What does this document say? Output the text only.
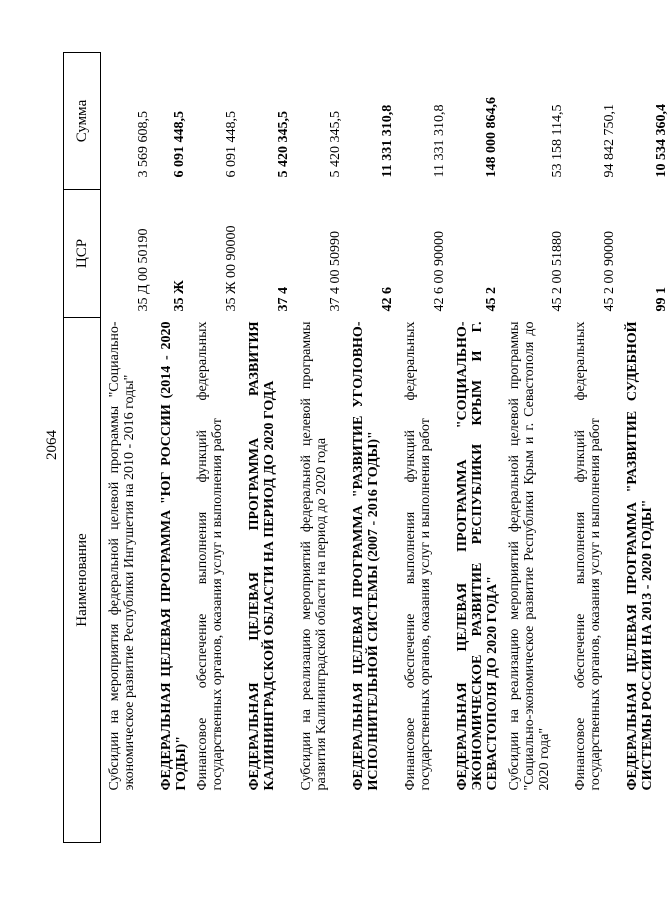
2064
Наименование	ЦСР	Сумма

Субсидии на мероприятия федеральной целевой программы "Социально-экономическое развитие Республики Ингушетия на 2010 - 2016 годы"	35 Д 00 50190	3 569 608,5

ФЕДЕРАЛЬНАЯ ЦЕЛЕВАЯ ПРОГРАММА "ЮГ РОССИИ (2014 - 2020 ГОДЫ)"	35 Ж	6 091 448,5

Финансовое обеспечение выполнения функций федеральных государственных органов, оказания услуг и выполнения работ	35 Ж 00 90000	6 091 448,5

ФЕДЕРАЛЬНАЯ ЦЕЛЕВАЯ ПРОГРАММА РАЗВИТИЯ КАЛИНИНГРАДСКОЙ ОБЛАСТИ НА ПЕРИОД ДО 2020 ГОДА	37 4	5 420 345,5

Субсидии на реализацию мероприятий федеральной целевой программы развития Калининградской области на период до 2020 года	37 4 00 50990	5 420 345,5

ФЕДЕРАЛЬНАЯ ЦЕЛЕВАЯ ПРОГРАММА "РАЗВИТИЕ УГОЛОВНО-ИСПОЛНИТЕЛЬНОЙ СИСТЕМЫ (2007 - 2016 ГОДЫ)"	42 6	11 331 310,8

Финансовое обеспечение выполнения функций федеральных государственных органов, оказания услуг и выполнения работ	42 6 00 90000	11 331 310,8

ФЕДЕРАЛЬНАЯ ЦЕЛЕВАЯ ПРОГРАММА "СОЦИАЛЬНО-ЭКОНОМИЧЕСКОЕ РАЗВИТИЕ РЕСПУБЛИКИ КРЫМ И Г. СЕВАСТОПОЛЯ ДО 2020 ГОДА"	45 2	148 000 864,6

Субсидии на реализацию мероприятий федеральной целевой программы "Социально-экономическое развитие Республики Крым и г. Севастополя до 2020 года"	45 2 00 51880	53 158 114,5

Финансовое обеспечение выполнения функций федеральных государственных органов, оказания услуг и выполнения работ	45 2 00 90000	94 842 750,1

ФЕДЕРАЛЬНАЯ ЦЕЛЕВАЯ ПРОГРАММА "РАЗВИТИЕ СУДЕБНОЙ СИСТЕМЫ РОССИИ НА 2013 - 2020 ГОДЫ"	99 1	10 534 360,4
